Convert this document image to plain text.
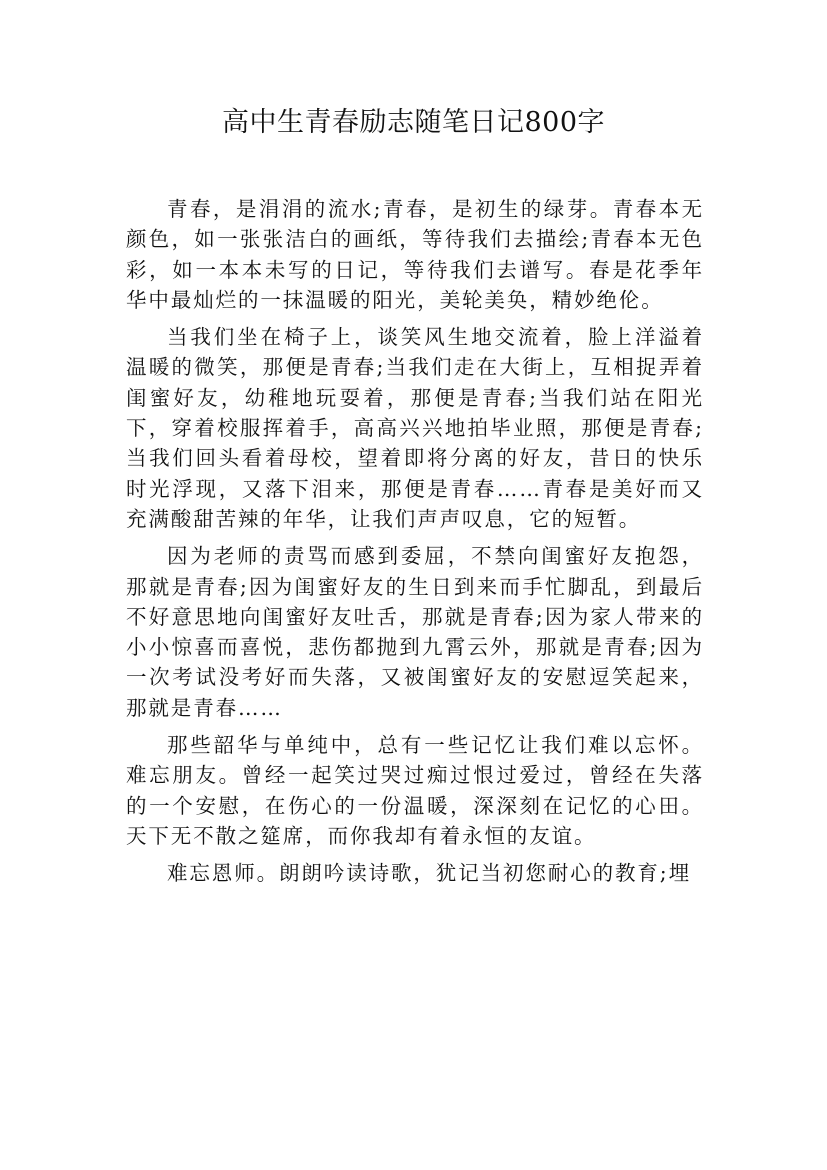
高中生青春励志随笔日记800字

青春，是涓涓的流水;青春，是初生的绿芽。青春本无颜色，如一张张洁白的画纸，等待我们去描绘;青春本无色彩，如一本本未写的日记，等待我们去谱写。春是花季年华中最灿烂的一抹温暖的阳光，美轮美奂，精妙绝伦。

当我们坐在椅子上，谈笑风生地交流着，脸上洋溢着温暖的微笑，那便是青春;当我们走在大街上，互相捉弄着闺蜜好友，幼稚地玩耍着，那便是青春;当我们站在阳光下，穿着校服挥着手，高高兴兴地拍毕业照，那便是青春;当我们回头看着母校，望着即将分离的好友，昔日的快乐时光浮现，又落下泪来，那便是青春……青春是美好而又充满酸甜苦辣的年华，让我们声声叹息，它的短暂。

因为老师的责骂而感到委屈，不禁向闺蜜好友抱怨，那就是青春;因为闺蜜好友的生日到来而手忙脚乱，到最后不好意思地向闺蜜好友吐舌，那就是青春;因为家人带来的小小惊喜而喜悦，悲伤都抛到九霄云外，那就是青春;因为一次考试没考好而失落，又被闺蜜好友的安慰逗笑起来，那就是青春……

那些韶华与单纯中，总有一些记忆让我们难以忘怀。难忘朋友。曾经一起笑过哭过痴过恨过爱过，曾经在失落的一个安慰，在伤心的一份温暖，深深刻在记忆的心田。天下无不散之筵席，而你我却有着永恒的友谊。

难忘恩师。朗朗吟读诗歌，犹记当初您耐心的教育;埋
